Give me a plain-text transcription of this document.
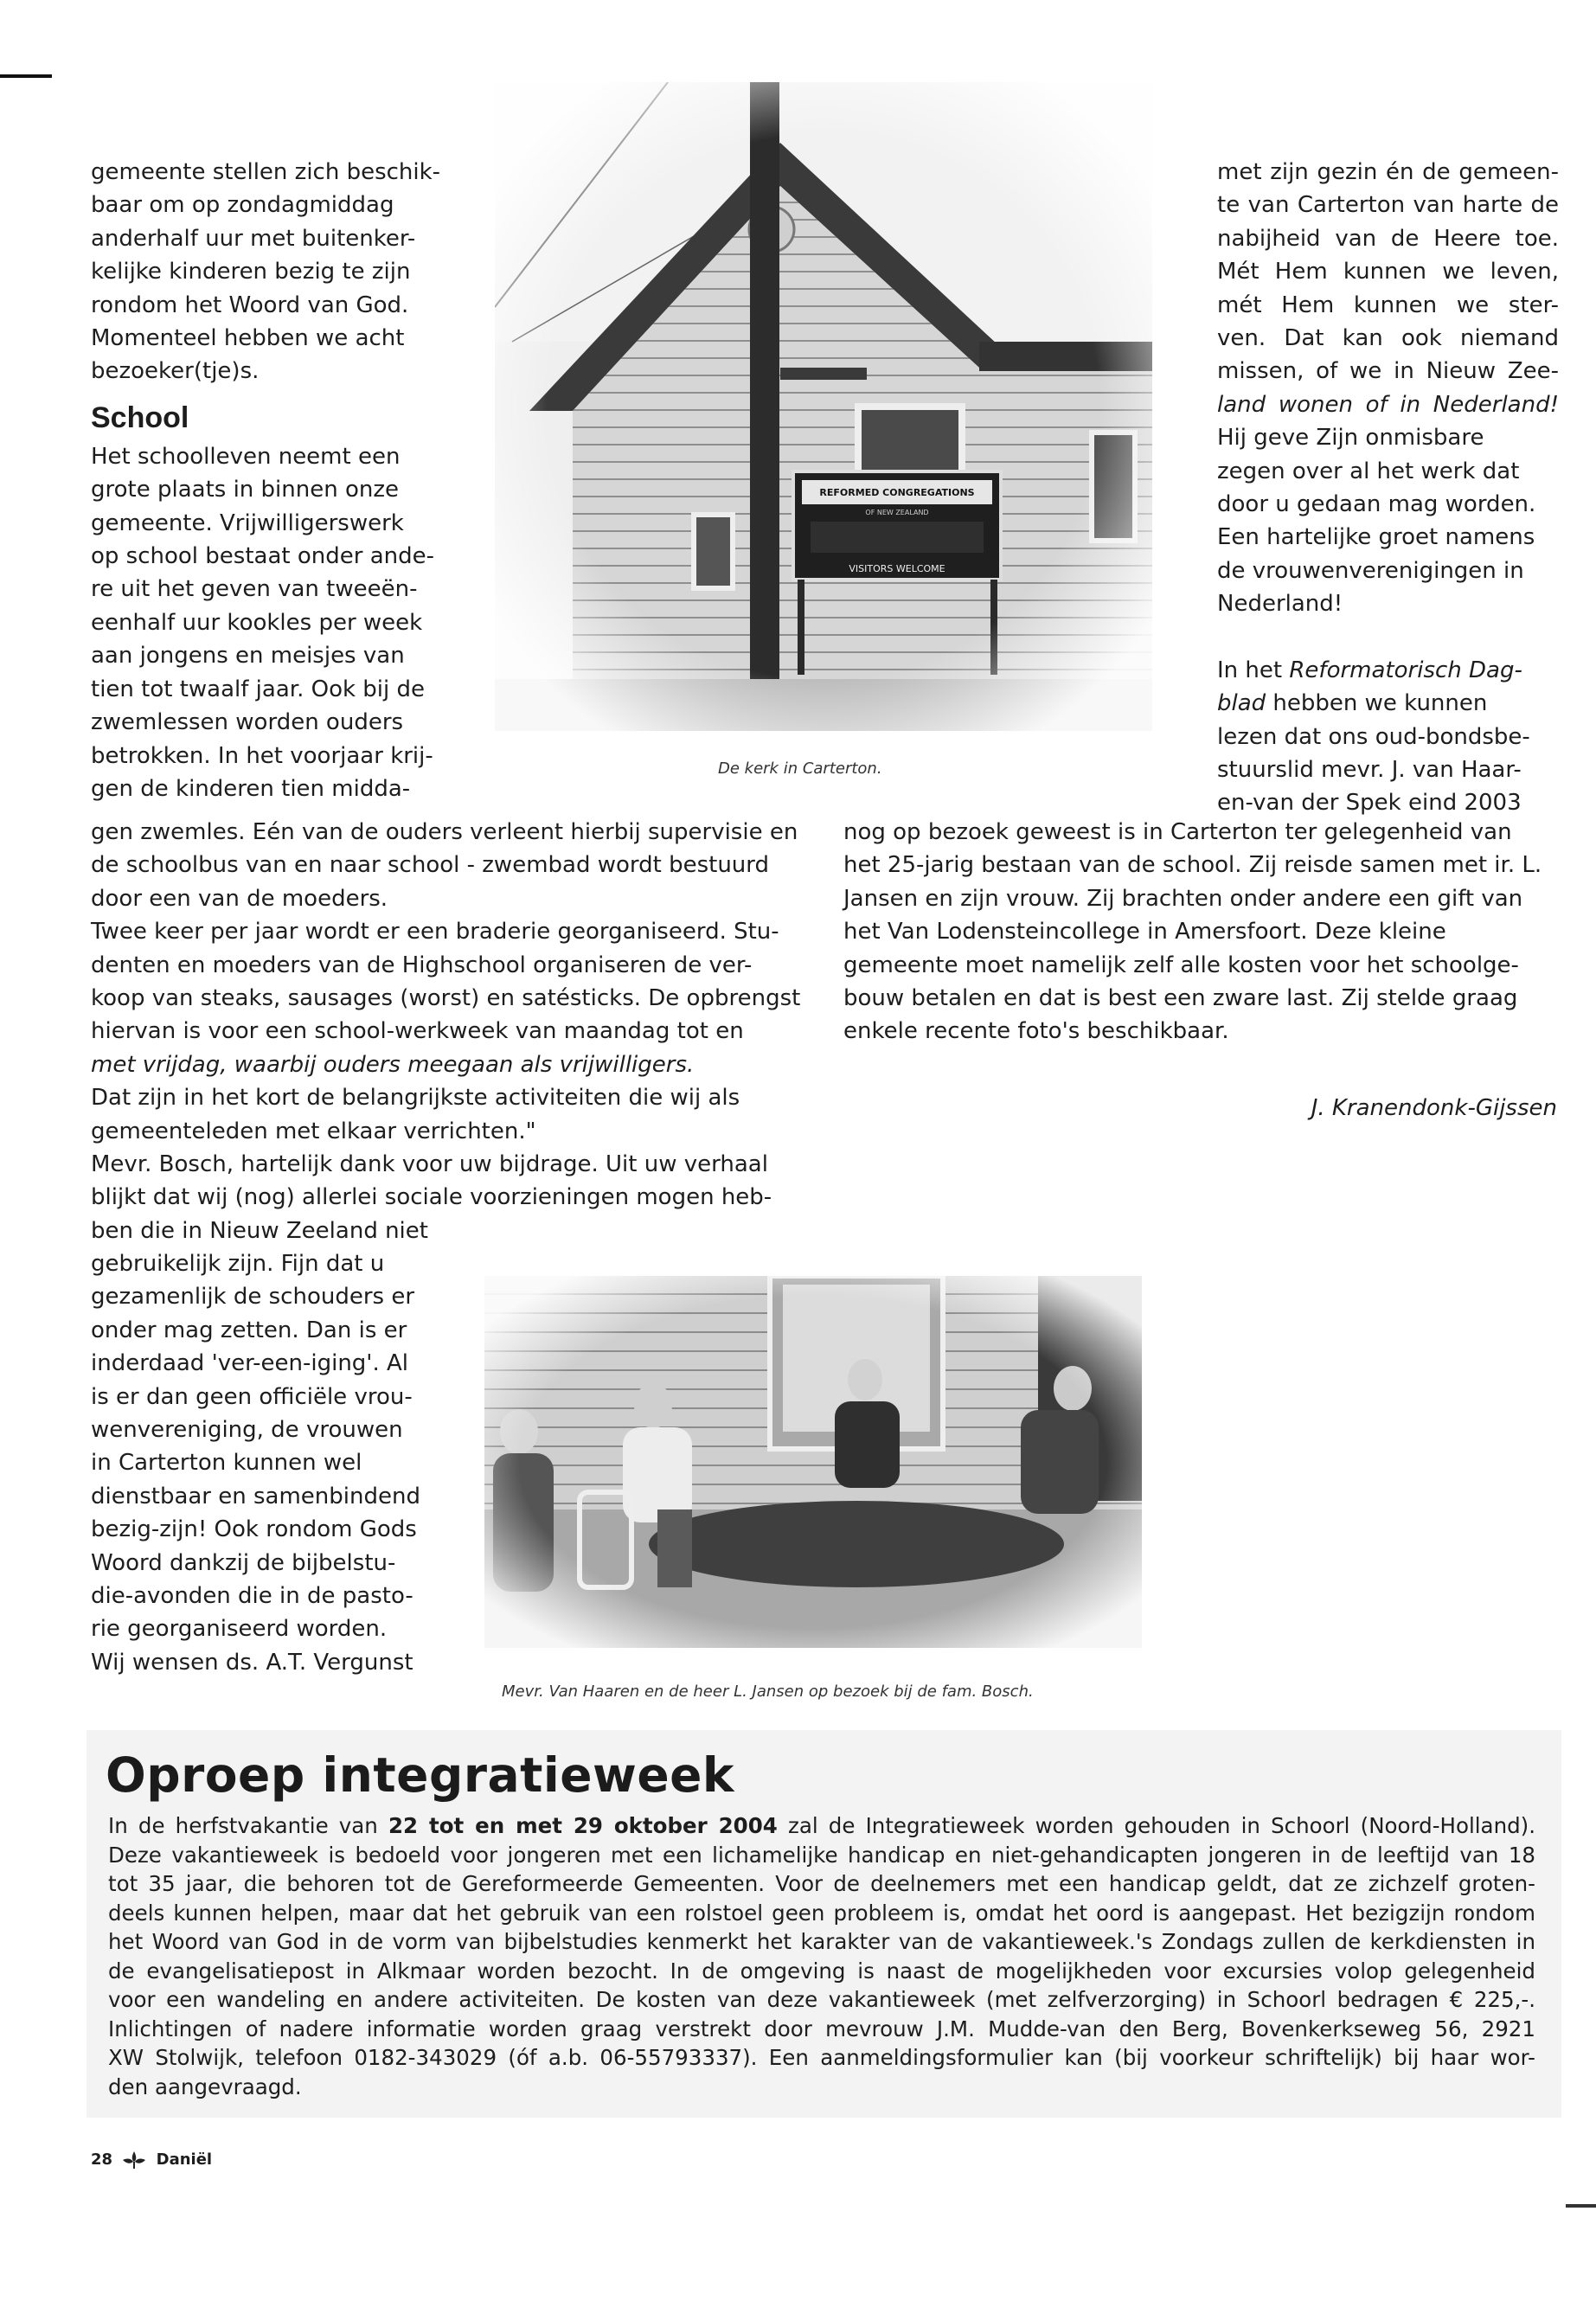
gemeente stellen zich beschik-
baar om op zondagmiddag
anderhalf uur met buitenker-
kelijke kinderen bezig te zijn
rondom het Woord van God.
Momenteel hebben we acht
bezoeker(tje)s.
School
Het schoolleven neemt een
grote plaats in binnen onze
gemeente. Vrijwilligerswerk
op school bestaat onder ande-
re uit het geven van tweeën-
eenhalf uur kookles per week
aan jongens en meisjes van
tien tot twaalf jaar. Ook bij de
zwemlessen worden ouders
betrokken. In het voorjaar krij-
gen de kinderen tien midda-
De kerk in Carterton.
met zijn gezin én de gemeen-
te van Carterton van harte de
nabijheid van de Heere toe.
Mét Hem kunnen we leven,
mét Hem kunnen we ster-
ven. Dat kan ook niemand
missen, of we in Nieuw Zee-
land wonen of in Nederland!
Hij geve Zijn onmisbare
zegen over al het werk dat
door u gedaan mag worden.
Een hartelijke groet namens
de vrouwenverenigingen in
Nederland!
In het Reformatorisch Dag-
blad hebben we kunnen
lezen dat ons oud-bondsbe-
stuurslid mevr. J. van Haar-
en-van der Spek eind 2003
gen zwemles. Eén van de ouders verleent hierbij supervisie en
de schoolbus van en naar school - zwembad wordt bestuurd
door een van de moeders.
Twee keer per jaar wordt er een braderie georganiseerd. Stu-
denten en moeders van de Highschool organiseren de ver-
koop van steaks, sausages (worst) en satésticks. De opbrengst
hiervan is voor een school-werkweek van maandag tot en
met vrijdag, waarbij ouders meegaan als vrijwilligers.
Dat zijn in het kort de belangrijkste activiteiten die wij als
gemeenteleden met elkaar verrichten."
Mevr. Bosch, hartelijk dank voor uw bijdrage. Uit uw verhaal
blijkt dat wij (nog) allerlei sociale voorzieningen mogen heb-
ben die in Nieuw Zeeland niet
nog op bezoek geweest is in Carterton ter gelegenheid van
het 25-jarig bestaan van de school. Zij reisde samen met ir. L.
Jansen en zijn vrouw. Zij brachten onder andere een gift van
het Van Lodensteincollege in Amersfoort. Deze kleine
gemeente moet namelijk zelf alle kosten voor het schoolge-
bouw betalen en dat is best een zware last. Zij stelde graag
enkele recente foto's beschikbaar.
J. Kranendonk-Gijssen
gebruikelijk zijn. Fijn dat u
gezamenlijk de schouders er
onder mag zetten. Dan is er
inderdaad 'ver-een-iging'. Al
is er dan geen officiële vrou-
wenvereniging, de vrouwen
in Carterton kunnen wel
dienstbaar en samenbindend
bezig-zijn! Ook rondom Gods
Woord dankzij de bijbelstu-
die-avonden die in de pasto-
rie georganiseerd worden.
Wij wensen ds. A.T. Vergunst
Mevr. Van Haaren en de heer L. Jansen op bezoek bij de fam. Bosch.
Oproep integratieweek
In de herfstvakantie van 22 tot en met 29 oktober 2004 zal de Integratieweek worden gehouden in Schoorl (Noord-Holland).
Deze vakantieweek is bedoeld voor jongeren met een lichamelijke handicap en niet-gehandicapten jongeren in de leeftijd van 18
tot 35 jaar, die behoren tot de Gereformeerde Gemeenten. Voor de deelnemers met een handicap geldt, dat ze zichzelf groten-
deels kunnen helpen, maar dat het gebruik van een rolstoel geen probleem is, omdat het oord is aangepast. Het bezigzijn rondom
het Woord van God in de vorm van bijbelstudies kenmerkt het karakter van de vakantieweek.'s Zondags zullen de kerkdiensten in
de evangelisatiepost in Alkmaar worden bezocht. In de omgeving is naast de mogelijkheden voor excursies volop gelegenheid
voor een wandeling en andere activiteiten. De kosten van deze vakantieweek (met zelfverzorging) in Schoorl bedragen € 225,-.
Inlichtingen of nadere informatie worden graag verstrekt door mevrouw J.M. Mudde-van den Berg, Bovenkerkseweg 56, 2921
XW Stolwijk, telefoon 0182-343029 (óf a.b. 06-55793337). Een aanmeldingsformulier kan (bij voorkeur schriftelijk) bij haar wor-
den aangevraagd.
28	Daniël
